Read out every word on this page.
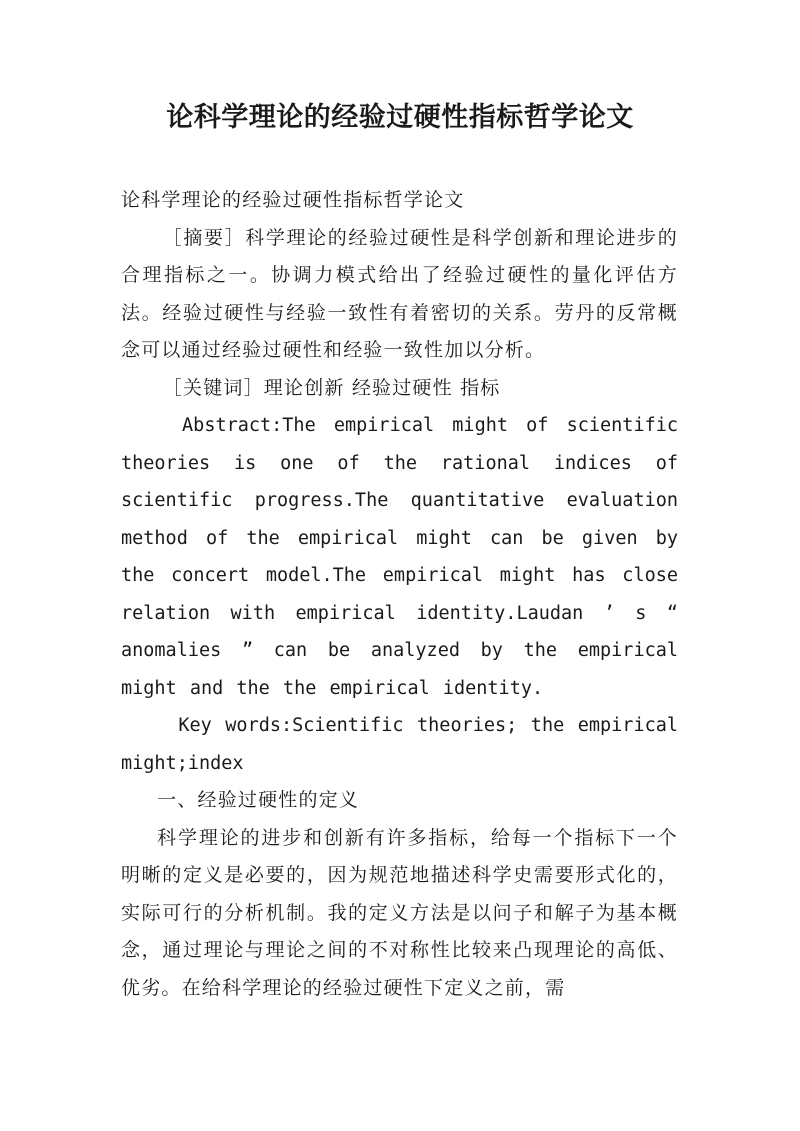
论科学理论的经验过硬性指标哲学论文

论科学理论的经验过硬性指标哲学论文

［摘要］科学理论的经验过硬性是科学创新和理论进步的合理指标之一。协调力模式给出了经验过硬性的量化评估方法。经验过硬性与经验一致性有着密切的关系。劳丹的反常概念可以通过经验过硬性和经验一致性加以分析。

［关键词］理论创新 经验过硬性 指标

Abstract:The empirical might of scientific theories is one of the rational indices of scientific progress.The quantitative evaluation method of the empirical might can be given by the concert model.The empirical might has close relation with empirical identity.Laudan ’ s “ anomalies ” can be analyzed by the empirical might and the the empirical identity.

Key words:Scientific theories; the empirical might;index

一、经验过硬性的定义

科学理论的进步和创新有许多指标，给每一个指标下一个明晰的定义是必要的，因为规范地描述科学史需要形式化的，实际可行的分析机制。我的定义方法是以问子和解子为基本概念，通过理论与理论之间的不对称性比较来凸现理论的高低、优劣。在给科学理论的经验过硬性下定义之前，需
